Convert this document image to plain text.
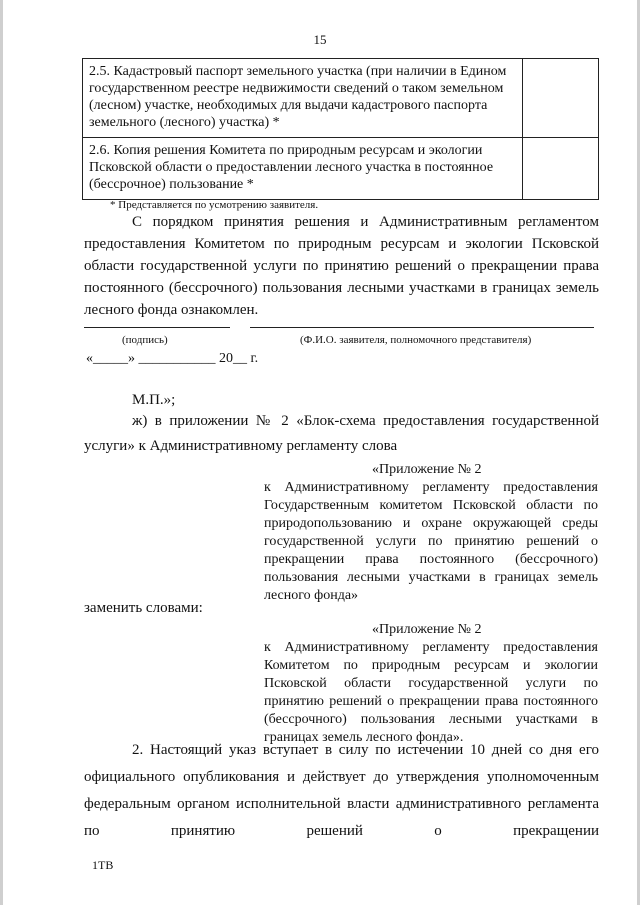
15
2.5. Кадастровый паспорт земельного участка (при наличии в Едином государственном реестре недвижимости сведений о таком земельном (лесном) участке, необходимых для выдачи кадастрового паспорта земельного (лесного) участка) *	
2.6. Копия решения Комитета по природным ресурсам и экологии Псковской области о предоставлении лесного участка в постоянное (бессрочное) пользование *	
* Представляется по усмотрению заявителя.
С порядком принятия решения и Административным регламентом предоставления Комитетом по природным ресурсам и экологии Псковской области государственной услуги по принятию решений о прекращении права постоянного (бессрочного) пользования лесными участками в границах земель лесного фонда ознакомлен.
(подпись)	(Ф.И.О. заявителя, полномочного представителя)
«_____» ___________ 20__ г.
М.П.»;
ж) в приложении № 2 «Блок-схема предоставления государственной услуги» к Административному регламенту слова
«Приложение № 2
к Административному регламенту предоставления Государственным комитетом Псковской области по природопользованию и охране окружающей среды государственной услуги по принятию решений о прекращении права постоянного (бессрочного) пользования лесными участками в границах земель лесного фонда»
заменить словами:
«Приложение № 2
к Административному регламенту предоставления Комитетом по природным ресурсам и экологии Псковской области государственной услуги по принятию решений о прекращении права постоянного (бессрочного) пользования лесными участками в границах земель лесного фонда».
2. Настоящий указ вступает в силу по истечении 10 дней со дня его официального опубликования и действует до утверждения уполномоченным федеральным органом исполнительной власти административного регламента по принятию решений о прекращении
1ТВ
